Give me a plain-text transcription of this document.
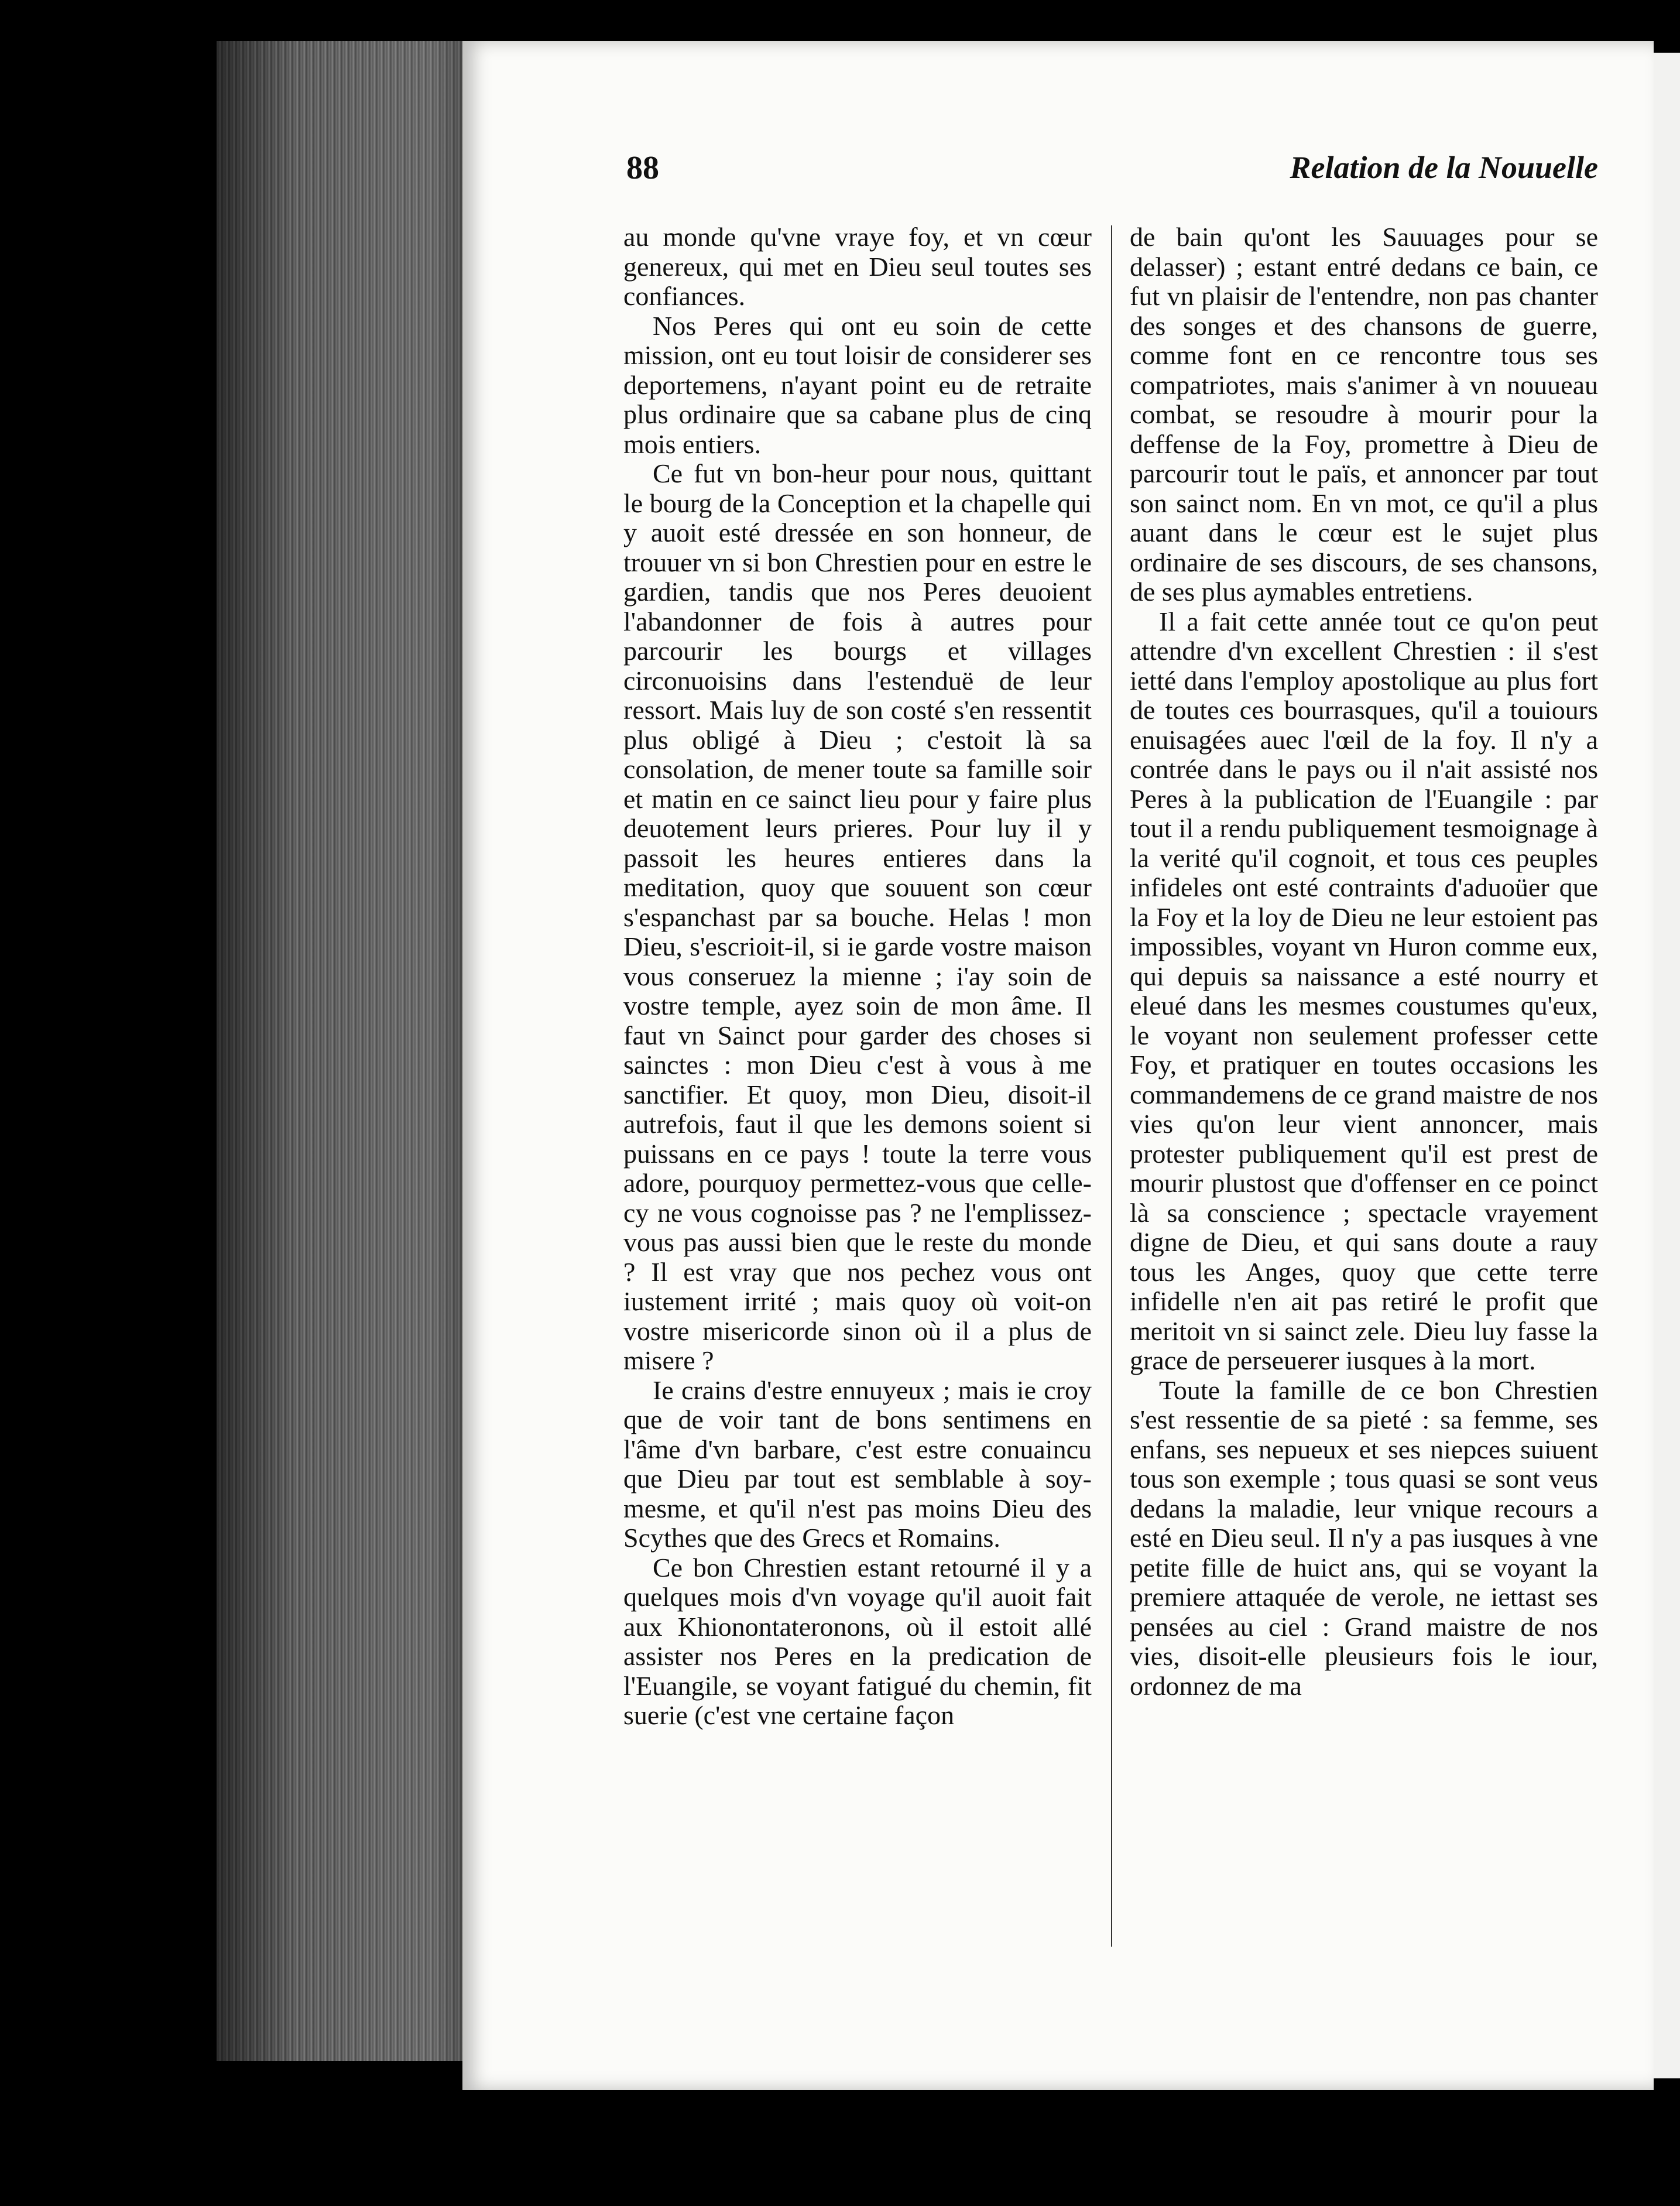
88	Relation de la Nouuelle

au monde qu'vne vraye foy, et vn cœur genereux, qui met en Dieu seul toutes ses confiances.

Nos Peres qui ont eu soin de cette mission, ont eu tout loisir de considerer ses deportemens, n'ayant point eu de retraite plus ordinaire que sa cabane plus de cinq mois entiers.

Ce fut vn bon-heur pour nous, quittant le bourg de la Conception et la chapelle qui y auoit esté dressée en son honneur, de trouuer vn si bon Chrestien pour en estre le gardien, tandis que nos Peres deuoient l'abandonner de fois à autres pour parcourir les bourgs et villages circonuoisins dans l'estenduë de leur ressort. Mais luy de son costé s'en ressentit plus obligé à Dieu ; c'estoit là sa consolation, de mener toute sa famille soir et matin en ce sainct lieu pour y faire plus deuotement leurs prieres. Pour luy il y passoit les heures entieres dans la meditation, quoy que souuent son cœur s'espanchast par sa bouche. Helas ! mon Dieu, s'escrioit-il, si ie garde vostre maison vous conseruez la mienne ; i'ay soin de vostre temple, ayez soin de mon âme. Il faut vn Sainct pour garder des choses si sainctes : mon Dieu c'est à vous à me sanctifier. Et quoy, mon Dieu, disoit-il autrefois, faut il que les demons soient si puissans en ce pays ! toute la terre vous adore, pourquoy permettez-vous que celle-cy ne vous cognoisse pas ? ne l'emplissez-vous pas aussi bien que le reste du monde ? Il est vray que nos pechez vous ont iustement irrité ; mais quoy où voit-on vostre misericorde sinon où il a plus de misere ?

Ie crains d'estre ennuyeux ; mais ie croy que de voir tant de bons sentimens en l'âme d'vn barbare, c'est estre conuaincu que Dieu par tout est semblable à soy-mesme, et qu'il n'est pas moins Dieu des Scythes que des Grecs et Romains.

Ce bon Chrestien estant retourné il y a quelques mois d'vn voyage qu'il auoit fait aux Khionontateronons, où il estoit allé assister nos Peres en la predication de l'Euangile, se voyant fatigué du chemin, fit suerie (c'est vne certaine façon

de bain qu'ont les Sauuages pour se delasser) ; estant entré dedans ce bain, ce fut vn plaisir de l'entendre, non pas chanter des songes et des chansons de guerre, comme font en ce rencontre tous ses compatriotes, mais s'animer à vn nouueau combat, se resoudre à mourir pour la deffense de la Foy, promettre à Dieu de parcourir tout le païs, et annoncer par tout son sainct nom. En vn mot, ce qu'il a plus auant dans le cœur est le sujet plus ordinaire de ses discours, de ses chansons, de ses plus aymables entretiens.

Il a fait cette année tout ce qu'on peut attendre d'vn excellent Chrestien : il s'est ietté dans l'employ apostolique au plus fort de toutes ces bourrasques, qu'il a touiours enuisagées auec l'œil de la foy. Il n'y a contrée dans le pays ou il n'ait assisté nos Peres à la publication de l'Euangile : par tout il a rendu publiquement tesmoignage à la verité qu'il cognoit, et tous ces peuples infideles ont esté contraints d'aduoüer que la Foy et la loy de Dieu ne leur estoient pas impossibles, voyant vn Huron comme eux, qui depuis sa naissance a esté nourry et eleué dans les mesmes coustumes qu'eux, le voyant non seulement professer cette Foy, et pratiquer en toutes occasions les commandemens de ce grand maistre de nos vies qu'on leur vient annoncer, mais protester publiquement qu'il est prest de mourir plustost que d'offenser en ce poinct là sa conscience ; spectacle vrayement digne de Dieu, et qui sans doute a rauy tous les Anges, quoy que cette terre infidelle n'en ait pas retiré le profit que meritoit vn si sainct zele. Dieu luy fasse la grace de perseuerer iusques à la mort.

Toute la famille de ce bon Chrestien s'est ressentie de sa pieté : sa femme, ses enfans, ses nepueux et ses niepces suiuent tous son exemple ; tous quasi se sont veus dedans la maladie, leur vnique recours a esté en Dieu seul. Il n'y a pas iusques à vne petite fille de huict ans, qui se voyant la premiere attaquée de verole, ne iettast ses pensées au ciel : Grand maistre de nos vies, disoit-elle pleusieurs fois le iour, ordonnez de ma
